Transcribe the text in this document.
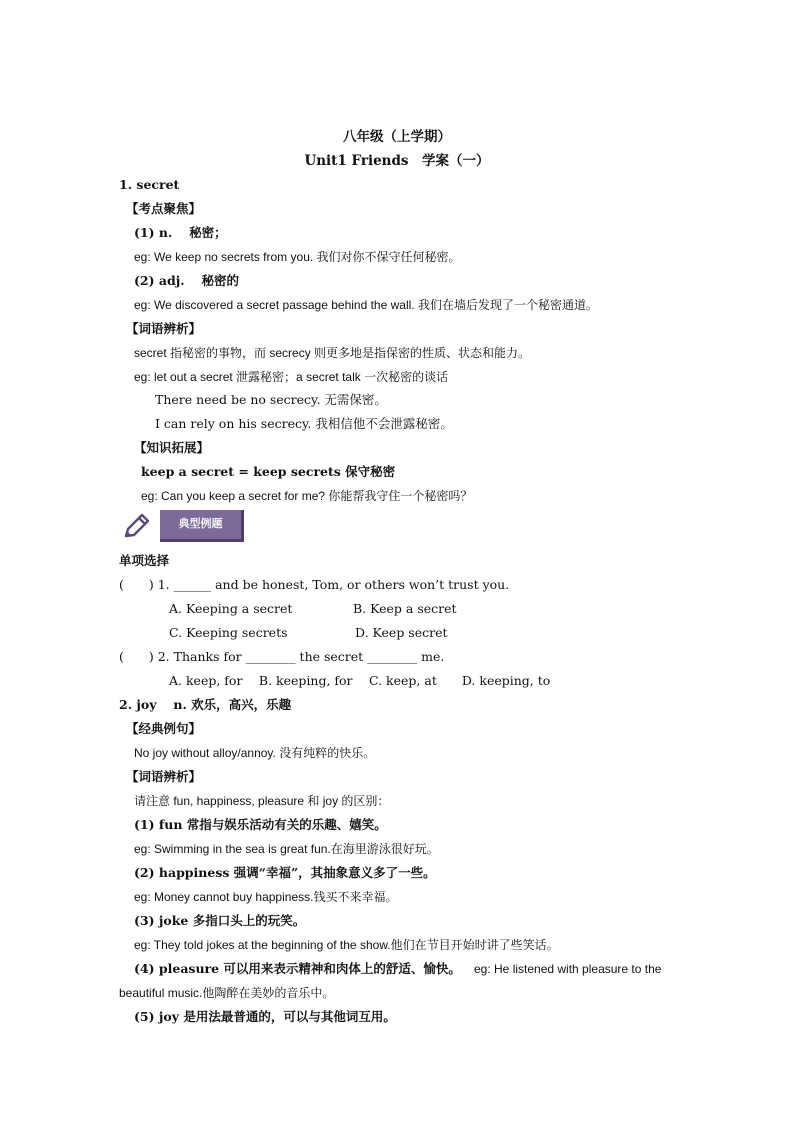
八年级（上学期）
Unit1 Friends　学案（一）
1. secret
【考点聚焦】
(1) n.　 秘密；
eg: We keep no secrets from you. 我们对你不保守任何秘密。
(2) adj.　 秘密的
eg: We discovered a secret passage behind the wall. 我们在墙后发现了一个秘密通道。
【词语辨析】
secret 指秘密的事物，而 secrecy 则更多地是指保密的性质、状态和能力。
eg: let out a secret 泄露秘密；a secret talk 一次秘密的谈话
There need be no secrecy. 无需保密。
I can rely on his secrecy. 我相信他不会泄露秘密。
【知识拓展】
keep a secret = keep secrets 保守秘密
eg: Can you keep a secret for me? 你能帮我守住一个秘密吗？
典型例题
单项选择
(　　) 1. ______ and be honest, Tom, or others won’t trust you.
A. Keeping a secret	B. Keep a secret
C. Keeping secrets	D. Keep secret
(　　) 2. Thanks for ________ the secret ________ me.
A. keep, for　 B. keeping, for　 C. keep, at　　D. keeping, to
2. joy　 n. 欢乐，高兴，乐趣
【经典例句】
No joy without alloy/annoy. 没有纯粹的快乐。
【词语辨析】
请注意 fun, happiness, pleasure 和 joy 的区别：
(1) fun 常指与娱乐活动有关的乐趣、嬉笑。
eg: Swimming in the sea is great fun.在海里游泳很好玩。
(2) happiness 强调“幸福”，其抽象意义多了一些。
eg: Money cannot buy happiness.钱买不来幸福。
(3) joke 多指口头上的玩笑。
eg: They told jokes at the beginning of the show.他们在节目开始时讲了些笑话。
(4) pleasure 可以用来表示精神和肉体上的舒适、愉快。 eg: He listened with pleasure to the
beautiful music.他陶醉在美妙的音乐中。
(5) joy 是用法最普通的，可以与其他词互用。
